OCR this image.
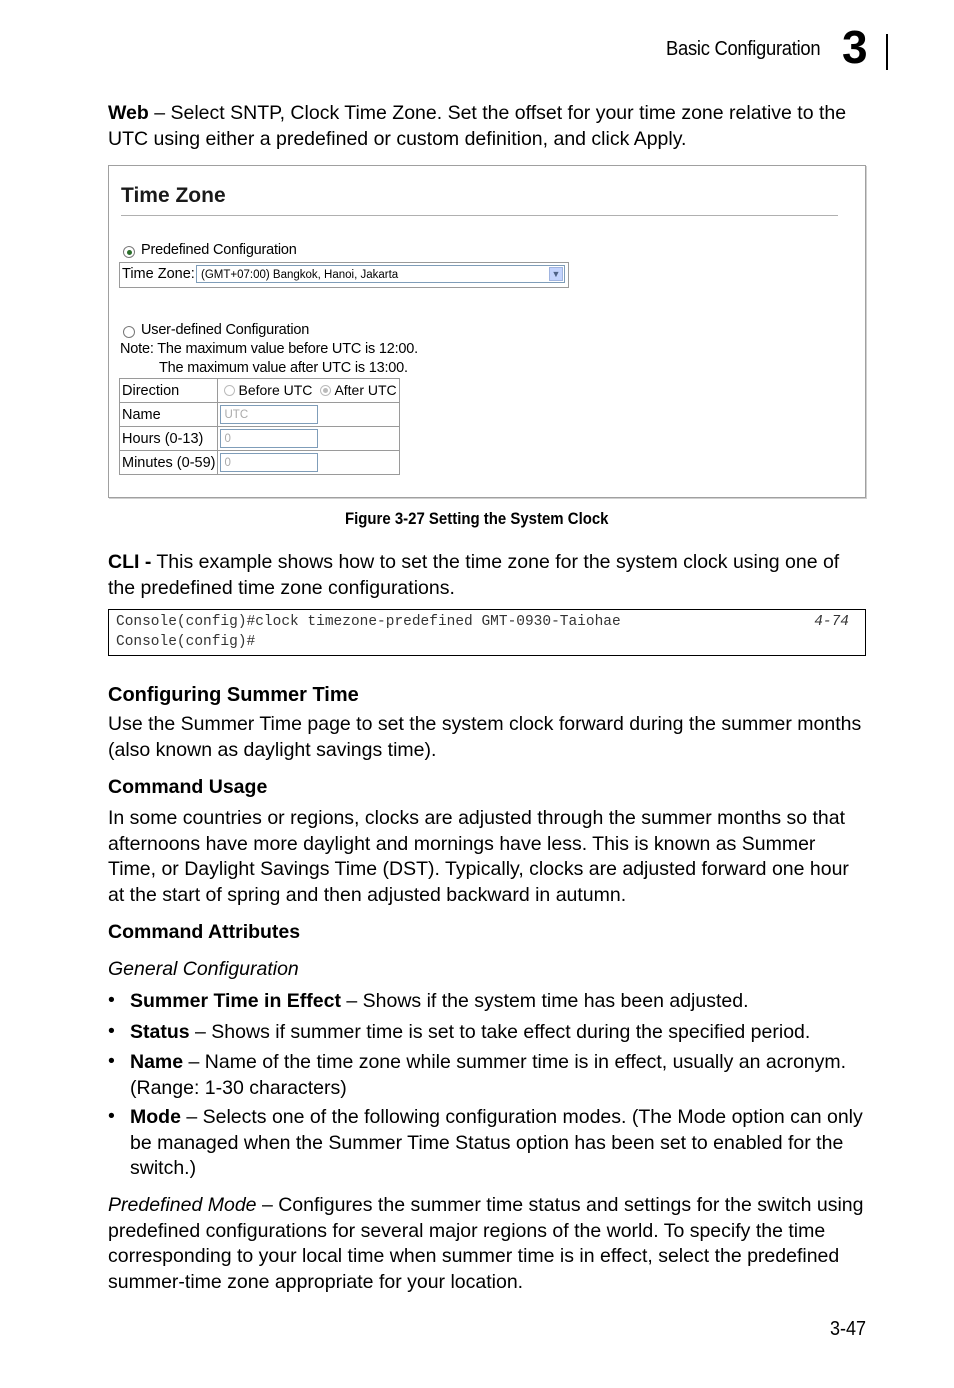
Basic Configuration 3
Web – Select SNTP, Clock Time Zone. Set the offset for your time zone relative to the UTC using either a predefined or custom definition, and click Apply.
Time Zone
Predefined Configuration
Time Zone: (GMT+07:00) Bangkok, Hanoi, Jakarta	▼
User-defined Configuration
Note: The maximum value before UTC is 12:00.
The maximum value after UTC is 13:00.
Direction	Before UTC After UTC
Name	UTC
Hours (0-13)	0
Minutes (0-59)	0
Figure 3-27 Setting the System Clock
CLI - This example shows how to set the time zone for the system clock using one of the predefined time zone configurations.
Console(config)#clock timezone-predefined GMT-0930-Taiohae	4-74
Console(config)#
Configuring Summer Time
Use the Summer Time page to set the system clock forward during the summer months (also known as daylight savings time).
Command Usage
In some countries or regions, clocks are adjusted through the summer months so that afternoons have more daylight and mornings have less. This is known as Summer Time, or Daylight Savings Time (DST). Typically, clocks are adjusted forward one hour at the start of spring and then adjusted backward in autumn.
Command Attributes
General Configuration
• Summer Time in Effect – Shows if the system time has been adjusted.
• Status – Shows if summer time is set to take effect during the specified period.
• Name – Name of the time zone while summer time is in effect, usually an acronym. (Range: 1-30 characters)
• Mode – Selects one of the following configuration modes. (The Mode option can only be managed when the Summer Time Status option has been set to enabled for the switch.)
Predefined Mode – Configures the summer time status and settings for the switch using predefined configurations for several major regions of the world. To specify the time corresponding to your local time when summer time is in effect, select the predefined summer-time zone appropriate for your location.
3-47
